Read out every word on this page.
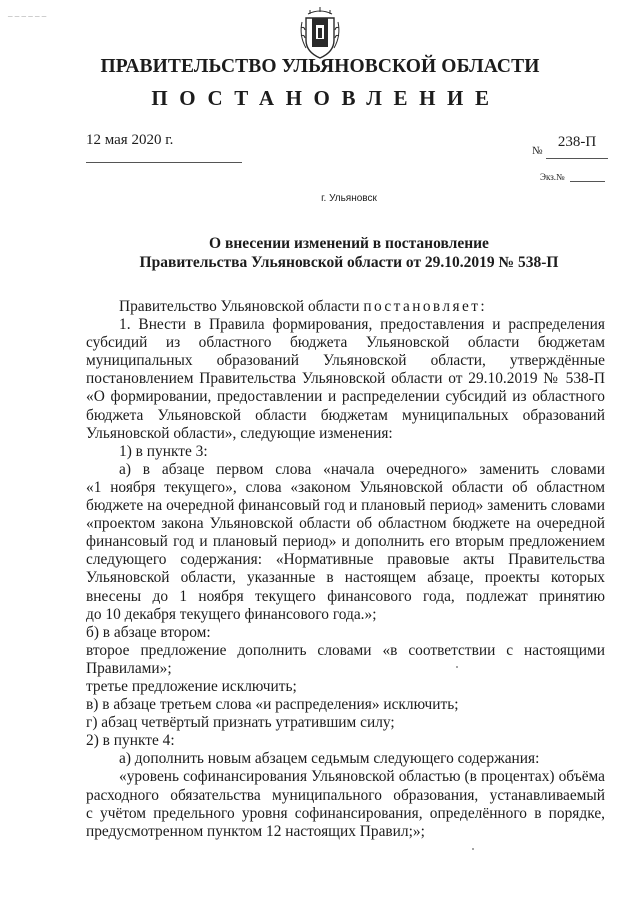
_ _ _ _ _ _
ПРАВИТЕЛЬСТВО УЛЬЯНОВСКОЙ ОБЛАСТИ
ПОСТАНОВЛЕНИЕ
12 мая 2020 г.
№
238-П
Экз.№
г. Ульяновск
О внесении изменений в постановление
Правительства Ульяновской области от 29.10.2019 № 538-П
Правительство Ульяновской области постановляет:
1. Внести в Правила формирования, предоставления и распределения
субсидий из областного бюджета Ульяновской области бюджетам
муниципальных образований Ульяновской области, утверждённые
постановлением Правительства Ульяновской области от 29.10.2019 № 538-П
«О формировании, предоставлении и распределении субсидий из областного
бюджета Ульяновской области бюджетам муниципальных образований
Ульяновской области», следующие изменения:
1) в пункте 3:
а) в абзаце первом слова «начала очередного» заменить словами
«1 ноября текущего», слова «законом Ульяновской области об областном
бюджете на очередной финансовый год и плановый период» заменить словами
«проектом закона Ульяновской области об областном бюджете на очередной
финансовый год и плановый период» и дополнить его вторым предложением
следующего содержания: «Нормативные правовые акты Правительства
Ульяновской области, указанные в настоящем абзаце, проекты которых
внесены до 1 ноября текущего финансового года, подлежат принятию
до 10 декабря текущего финансового года.»;
б) в абзаце втором:
второе предложение дополнить словами «в соответствии с настоящими
Правилами»;
третье предложение исключить;
в) в абзаце третьем слова «и распределения» исключить;
г) абзац четвёртый признать утратившим силу;
2) в пункте 4:
а) дополнить новым абзацем седьмым следующего содержания:
«уровень софинансирования Ульяновской областью (в процентах) объёма
расходного обязательства муниципального образования, устанавливаемый
с учётом предельного уровня софинансирования, определённого в порядке,
предусмотренном пунктом 12 настоящих Правил;»;
